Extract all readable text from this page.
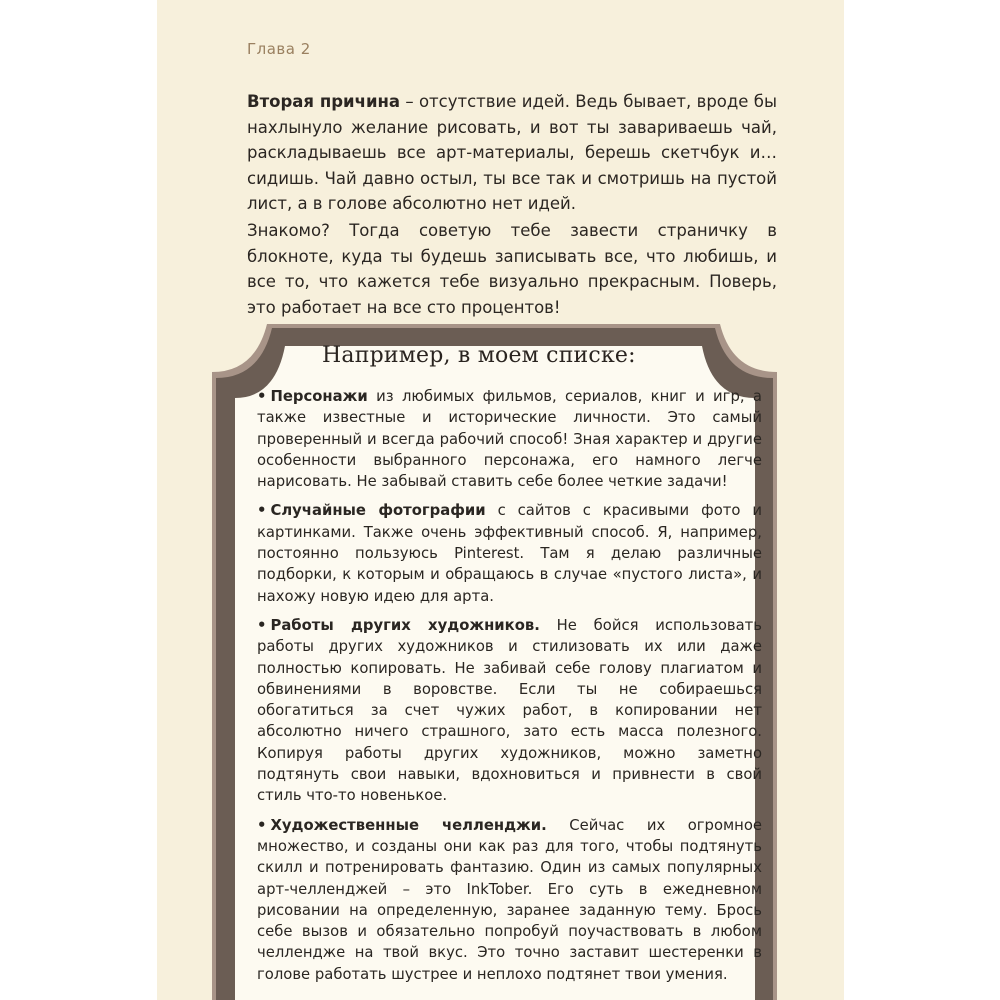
Глава 2

Вторая причина – отсутствие идей. Ведь бывает, вроде бы нахлынуло желание рисовать, и вот ты завариваешь чай, раскладываешь все арт-материалы, берешь скетчбук и… сидишь. Чай давно остыл, ты все так и смотришь на пустой лист, а в голове абсолютно нет идей.

Знакомо? Тогда советую тебе завести страничку в блокноте, куда ты будешь записывать все, что любишь, и все то, что кажется тебе визуально прекрасным. Поверь, это работает на все сто процентов!

Например, в моем списке:
• Персонажи из любимых фильмов, сериалов, книг и игр, а также известные и исторические личности. Это самый проверенный и всегда рабочий способ! Зная характер и другие особенности выбранного персонажа, его намного легче нарисовать. Не забывай ставить себе более четкие задачи!
• Случайные фотографии с сайтов с красивыми фото и картинками. Также очень эффективный способ. Я, например, постоянно пользуюсь Pinterest. Там я делаю различные подборки, к которым и обращаюсь в случае «пустого листа», и нахожу новую идею для арта.
• Работы других художников. Не бойся использовать работы других художников и стилизовать их или даже полностью копировать. Не забивай себе голову плагиатом и обвинениями в воровстве. Если ты не собираешься обогатиться за счет чужих работ, в копировании нет абсолютно ничего страшного, зато есть масса полезного. Копируя работы других художников, можно заметно подтянуть свои навыки, вдохновиться и привнести в свой стиль что-то новенькое.
• Художественные челленджи. Сейчас их огромное множество, и созданы они как раз для того, чтобы подтянуть скилл и потренировать фантазию. Один из самых популярных арт-челленджей – это InkTober. Его суть в ежедневном рисовании на определенную, заранее заданную тему. Брось себе вызов и обязательно попробуй поучаствовать в любом челлендже на твой вкус. Это точно заставит шестеренки в голове работать шустрее и неплохо подтянет твои умения.
